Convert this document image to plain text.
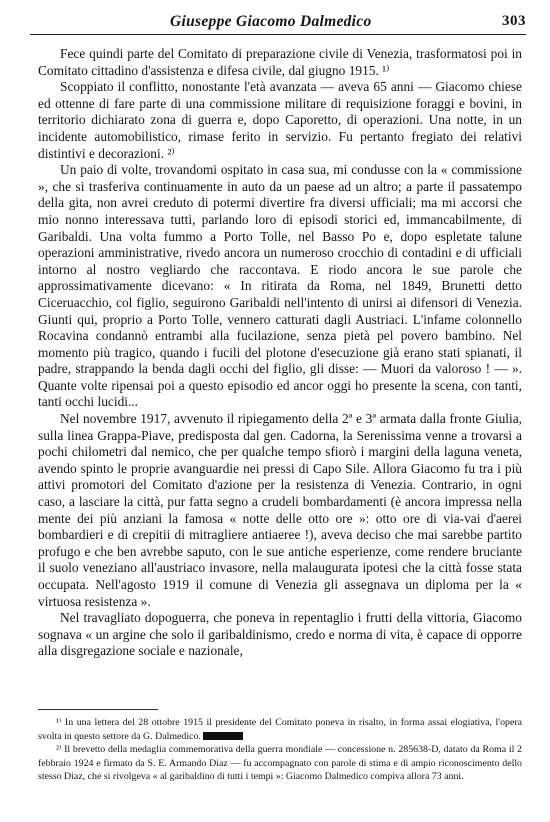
Giuseppe Giacomo Dalmedico	303

Fece quindi parte del Comitato di preparazione civile di Venezia, trasformatosi poi in Comitato cittadino d'assistenza e difesa civile, dal giugno 1915. ¹⁾

Scoppiato il conflitto, nonostante l'età avanzata — aveva 65 anni — Giacomo chiese ed ottenne di fare parte di una commissione militare di requisizione foraggi e bovini, in territorio dichiarato zona di guerra e, dopo Caporetto, di operazioni. Una notte, in un incidente automobilistico, rimase ferito in servizio. Fu pertanto fregiato dei relativi distintivi e decorazioni. ²⁾

Un paio di volte, trovandomi ospitato in casa sua, mi condusse con la « commissione », che si trasferiva continuamente in auto da un paese ad un altro; a parte il passatempo della gita, non avrei creduto di potermi divertire fra diversi ufficiali; ma mi accorsi che mio nonno interessava tutti, parlando loro di episodi storici ed, immancabilmente, di Garibaldi. Una volta fummo a Porto Tolle, nel Basso Po e, dopo espletate talune operazioni amministrative, rivedo ancora un numeroso crocchio di contadini e di ufficiali intorno al nostro vegliardo che raccontava. E riodo ancora le sue parole che approssimativamente dicevano: « In ritirata da Roma, nel 1849, Brunetti detto Ciceruacchio, col figlio, seguirono Garibaldi nell'intento di unirsi ai difensori di Venezia. Giunti qui, proprio a Porto Tolle, vennero catturati dagli Austriaci. L'infame colonnello Rocavina condannò entrambi alla fucilazione, senza pietà pel povero bambino. Nel momento più tragico, quando i fucili del plotone d'esecuzione già erano stati spianati, il padre, strappando la benda dagli occhi del figlio, gli disse: — Muori da valoroso ! — ». Quante volte ripensai poi a questo episodio ed ancor oggi ho presente la scena, con tanti, tanti occhi lucidi...

Nel novembre 1917, avvenuto il ripiegamento della 2ª e 3ª armata dalla fronte Giulia, sulla linea Grappa-Piave, predisposta dal gen. Cadorna, la Serenissima venne a trovarsi a pochi chilometri dal nemico, che per qualche tempo sfiorò i margini della laguna veneta, avendo spinto le proprie avanguardie nei pressi di Capo Sile. Allora Giacomo fu tra i più attivi promotori del Comitato d'azione per la resistenza di Venezia. Contrario, in ogni caso, a lasciare la città, pur fatta segno a crudeli bombardamenti (è ancora impressa nella mente dei più anziani la famosa « notte delle otto ore »: otto ore di via-vai d'aerei bombardieri e di crepitii di mitragliere antiaeree !), aveva deciso che mai sarebbe partito profugo e che ben avrebbe saputo, con le sue antiche esperienze, come rendere bruciante il suolo veneziano all'austriaco invasore, nella malaugurata ipotesi che la città fosse stata occupata. Nell'agosto 1919 il comune di Venezia gli assegnava un diploma per la « virtuosa resistenza ».

Nel travagliato dopoguerra, che poneva in repentaglio i frutti della vittoria, Giacomo sognava « un argine che solo il garibaldinismo, credo e norma di vita, è capace di opporre alla disgregazione sociale e nazionale,

¹⁾ In una lettera del 28 ottobre 1915 il presidente del Comitato poneva in risalto, in forma assai elogiativa, l'opera svolta in questo settore da G. Dalmedico.

²⁾ Il brevetto della medaglia commemorativa della guerra mondiale — concessione n. 285638-D, datato da Roma il 2 febbraio 1924 e firmato da S. E. Armando Diaz — fu accompagnato con parole di stima e di ampio riconoscimento dello stesso Diaz, che si rivolgeva « al garibaldino di tutti i tempi »: Giacomo Dalmedico compiva allora 73 anni.
